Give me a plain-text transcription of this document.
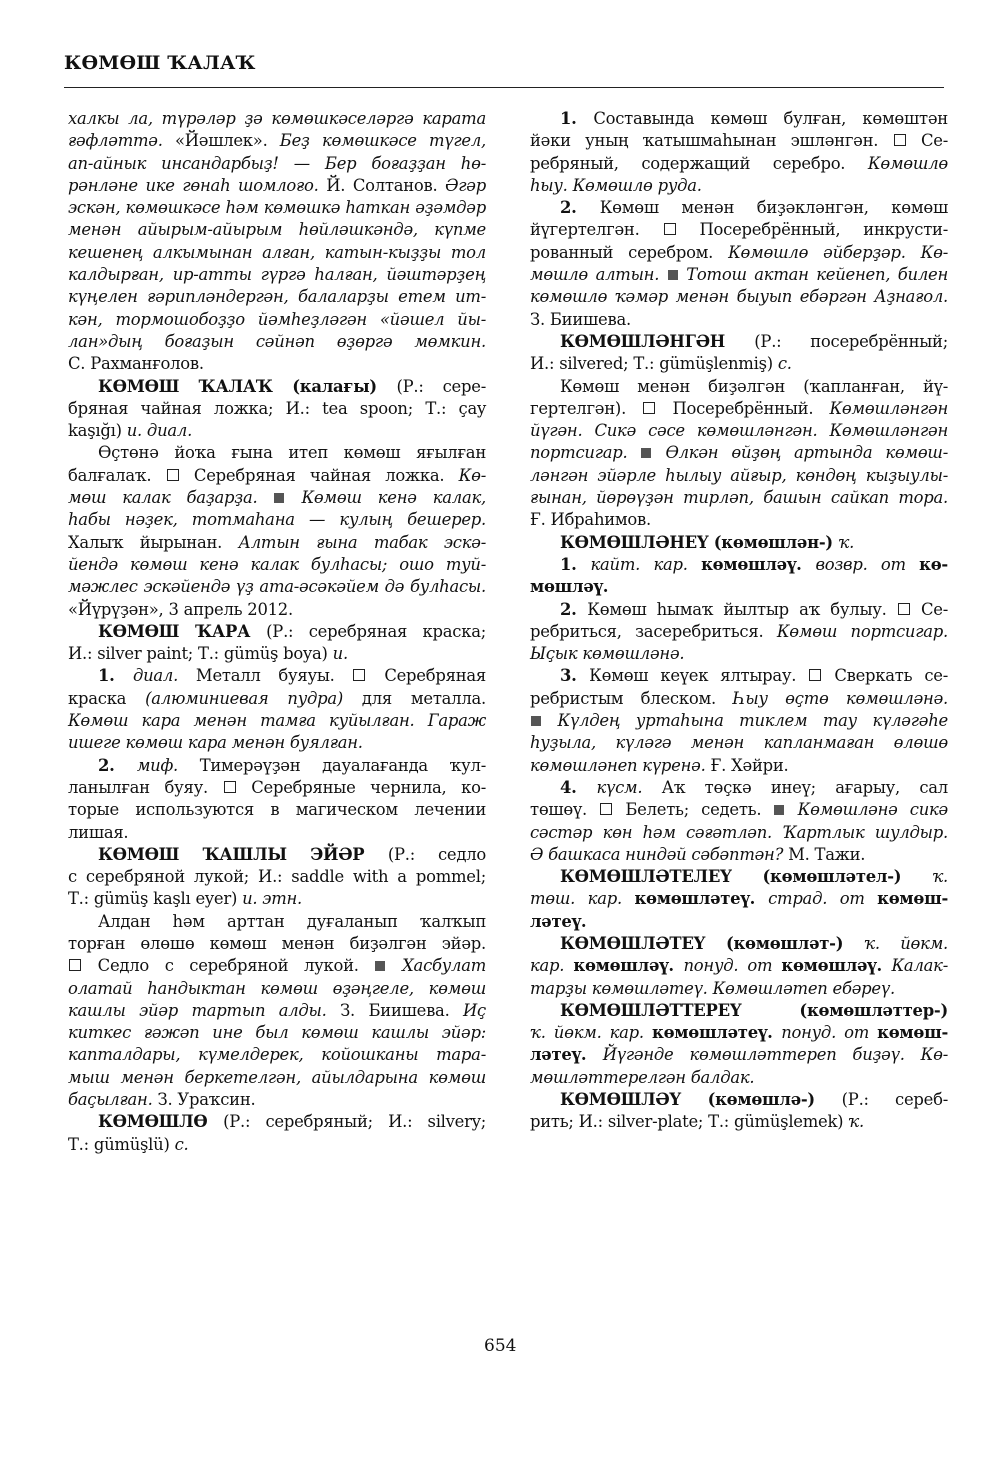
КӨМӨШ ҠАЛАҠ
халкы ла, түрәләр ҙә көмөшкәселәргә карата
ғәфләттә. «Йәшлек». Беҙ көмөшкәсе түгел,
ап-айнык инсандарбыҙ! — Бер боғаҙҙан һө-
рәнләне ике гөнаһ шомлоғо. Й. Солтанов. Әгәр
эскән, көмөшкәсе һәм көмөшкә һаткан әҙәмдәр
менән айырым-айырым һөйләшкәндә, күпме
кешенең алкымынан алған, катын-кыҙҙы тол
калдырған, ир-атты гүргә һалған, йәштәрҙең
күңелен ғәрипләндергән, балаларҙы етем ит-
кән, тормошобоҙҙо йәмһеҙләгән «йәшел йы-
лан»дың боғаҙын сәйнәп өҙөргә мөмкин.
С. Рахманғолов.
КӨМӨШ ҠАЛАҠ (калағы) (Р.: сере-
бряная чайная ложка; И.: tea spoon; Т.: çay
kaşığı) и. диал.
Өҫтөнә йоҡа ғына итеп көмөш яғылған
балғалаҡ.  Серебряная чайная ложка. Кө-
мөш калак баҙарҙа.  Көмөш кенә калак,
һабы нәҙек, тотмаһана — кулың бешерер.
Халыҡ йырынан. Алтын ғына табак эскә-
йендә көмөш кенә калак булһасы; ошо туй-
мәжлес эскәйендә үҙ ата-әсәкәйем дә булһасы.
«Йүрүҙән», 3 апрель 2012.
КӨМӨШ ҠАРА (Р.: серебряная краска;
И.: silver paint; Т.: gümüş boya) и.
1. диал. Металл буяуы.  Серебряная
краска (алюминиевая пудра) для металла.
Көмөш кара менән тамға куйылған. Гараж
ишеге көмөш кара менән буялған.
2. миф. Тимерәүҙән дауалағанда ҡул-
ланылған буяу.  Серебряные чернила, ко-
торые используются в магическом лечении
лишая.
КӨМӨШ ҠАШЛЫ ЭЙӘР (Р.: седло
с серебряной лукой; И.: saddle with a pommel;
Т.: gümüş kaşlı eyer) и. этн.
Алдан һәм арттан дуғаланып ҡалҡып
торған өлөшө көмөш менән биҙәлгән эйәр.
Седло с серебряной лукой.  Хасбулат
олатай һандыктан көмөш өҙәңгеле, көмөш
кашлы эйәр тартып алды. З. Биишева. Иҫ
киткес ғәжәп ине был көмөш кашлы эйәр:
капталдары, күмелдерек, койошканы тара-
мыш менән беркетелгән, айылдарына көмөш
баҫылған. З. Ураҡсин.
КӨМӨШЛӨ (Р.: серебряный; И.: silvery;
Т.: gümüşlü) с.
1. Составында көмөш булған, көмөштән
йәки уның ҡатышмаһынан эшләнгән.  Се-
ребряный, содержащий серебро. Көмөшлө
һыу. Көмөшлө руда.
2. Көмөш менән биҙәкләнгән, көмөш
йүгертелгән.  Посеребрённый, инкрусти-
рованный серебром. Көмөшлө әйберҙәр. Кө-
мөшлө алтын.  Тотош актан кейенеп, билен
көмөшлө ҡәмәр менән быуып ебәргән Аҙнағол.
З. Биишева.
КӨМӨШЛӘНГӘН (Р.: посеребрённый;
И.: silvered; Т.: gümüşlenmiş) с.
Көмөш менән биҙәлгән (ҡапланған, йү-
гертелгән).  Посеребрённый. Көмөшләнгән
йүгән. Сикә сәсе көмөшләнгән. Көмөшләнгән
портсигар.  Өлкән өйҙөң артында көмөш-
ләнгән эйәрле һылыу айғыр, көндөң кыҙыулы-
ғынан, йөрөүҙән тирләп, башын сайкап тора.
Ғ. Ибраһимов.
КӨМӨШЛӘНЕҮ (көмөшлән-) ҡ.
1. кайт. кар. көмөшләү. возвр. от кө-
мөшләү.
2. Көмөш һымаҡ йылтыр аҡ булыу.  Се-
ребриться, засеребриться. Көмөш портсигар.
Ыҫык көмөшләнә.
3. Көмөш кеүек ялтырау.  Сверкать се-
ребристым блеском. Һыу өҫтө көмөшләнә.
Күлдең уртаһына тиклем тау күләгәһе
һуҙыла, күләгә менән капланмаған өлөшө
көмөшләнеп күренә. Ғ. Хәйри.
4. күсм. Аҡ төҫкә инеү; ағарыу, сал
төшөү.  Белеть; седеть.  Көмөшләнә сикә
сәстәр көн һәм сәғәтләп. Ҡартлык шулдыр.
Ә башкаса ниндәй сәбәптән? М. Тажи.
КӨМӨШЛӘТЕЛЕҮ (көмөшләтел-) ҡ.
төш. кар. көмөшләтеү. страд. от көмөш-
ләтеү.
КӨМӨШЛӘТЕҮ (көмөшләт-) ҡ. йөкм.
кар. көмөшләү. понуд. от көмөшләү. Калак-
тарҙы көмөшләтеү. Көмөшләтеп ебәреү.
КӨМӨШЛӘТТЕРЕҮ (көмөшләттер-)
ҡ. йөкм. кар. көмөшләтеү. понуд. от көмөш-
ләтеү. Йүгәнде көмөшләттереп биҙәү. Кө-
мөшләттерелгән балдак.
КӨМӨШЛӘҮ (көмөшлә-) (Р.: сереб-
рить; И.: silver-plate; Т.: gümüşlemek) ҡ.
654
